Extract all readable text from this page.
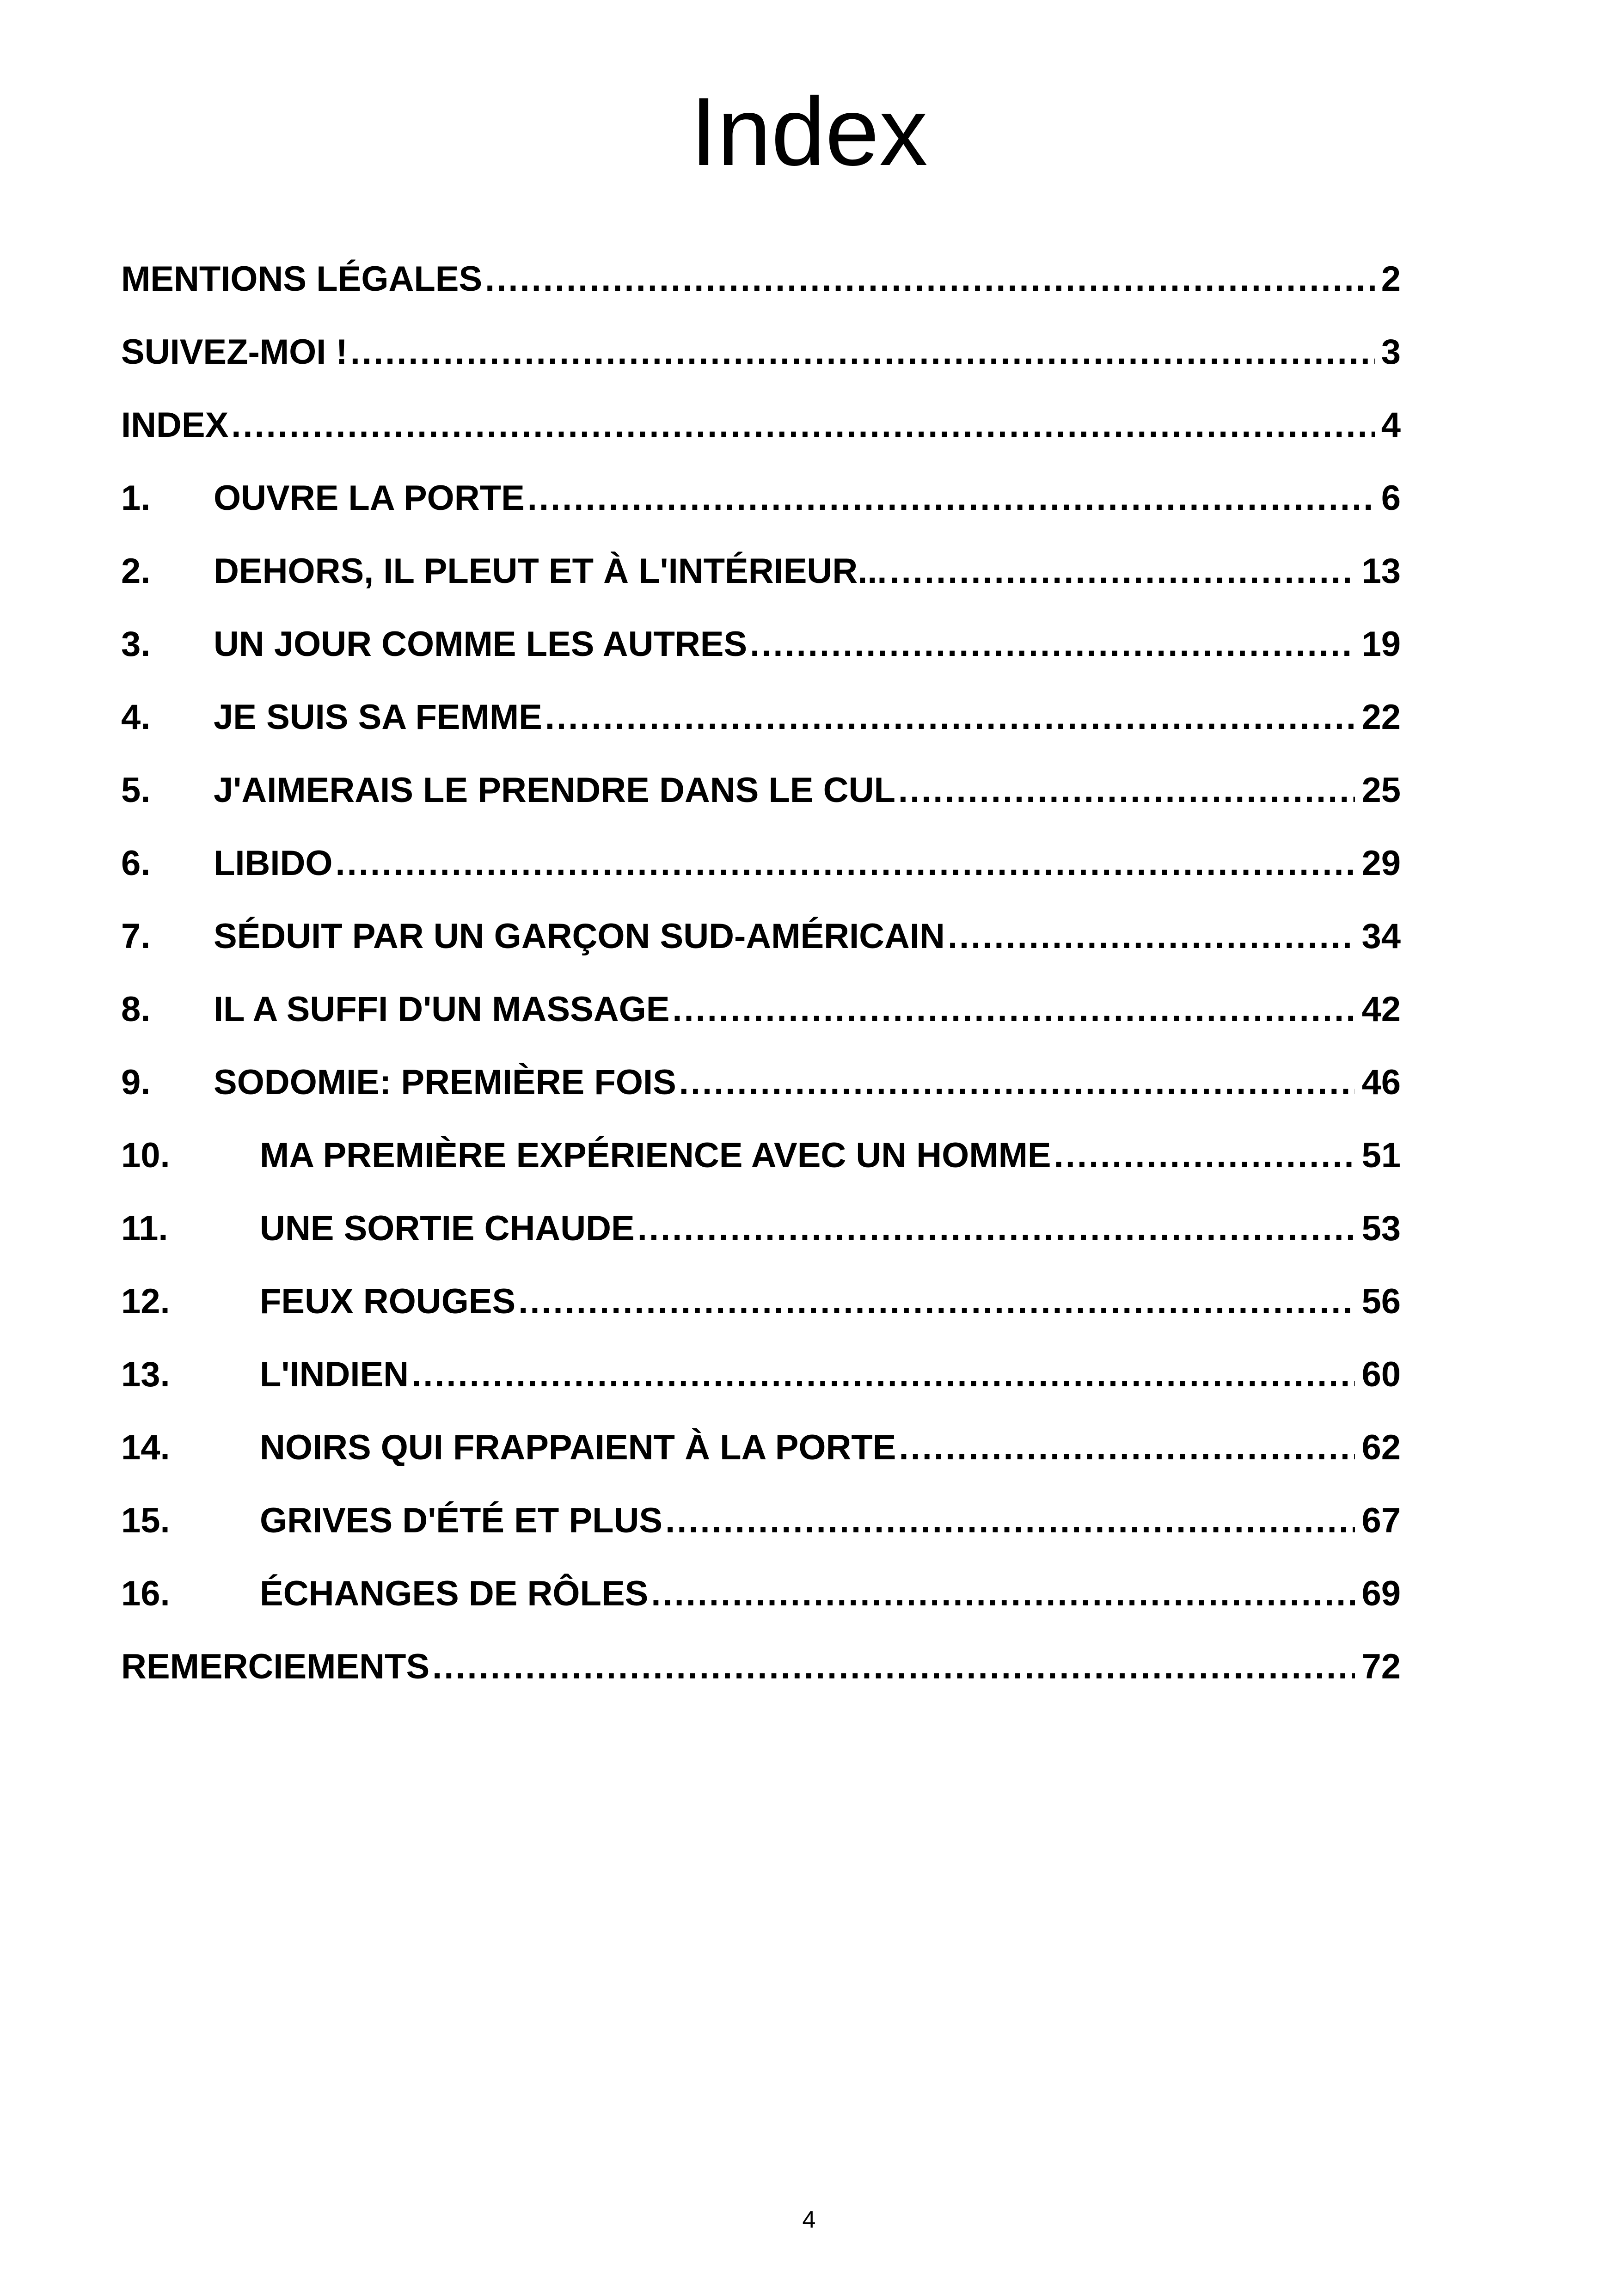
Index
MENTIONS LÉGALES .....	2
SUIVEZ-MOI ! .....	3
INDEX .....	4
1.	OUVRE LA PORTE .....	6
2.	DEHORS, IL PLEUT ET À L'INTÉRIEUR... .....	13
3.	UN JOUR COMME LES AUTRES .....	19
4.	JE SUIS SA FEMME .....	22
5.	J'AIMERAIS LE PRENDRE DANS LE CUL .....	25
6.	LIBIDO .....	29
7.	SÉDUIT PAR UN GARÇON SUD-AMÉRICAIN .....	34
8.	IL A SUFFI D'UN MASSAGE .....	42
9.	SODOMIE: PREMIÈRE FOIS .....	46
10.	MA PREMIÈRE EXPÉRIENCE AVEC UN HOMME .....	51
11.	UNE SORTIE CHAUDE .....	53
12.	FEUX ROUGES .....	56
13.	L'INDIEN .....	60
14.	NOIRS QUI FRAPPAIENT À LA PORTE .....	62
15.	GRIVES D'ÉTÉ ET PLUS .....	67
16.	ÉCHANGES DE RÔLES .....	69
REMERCIEMENTS .....	72
4
